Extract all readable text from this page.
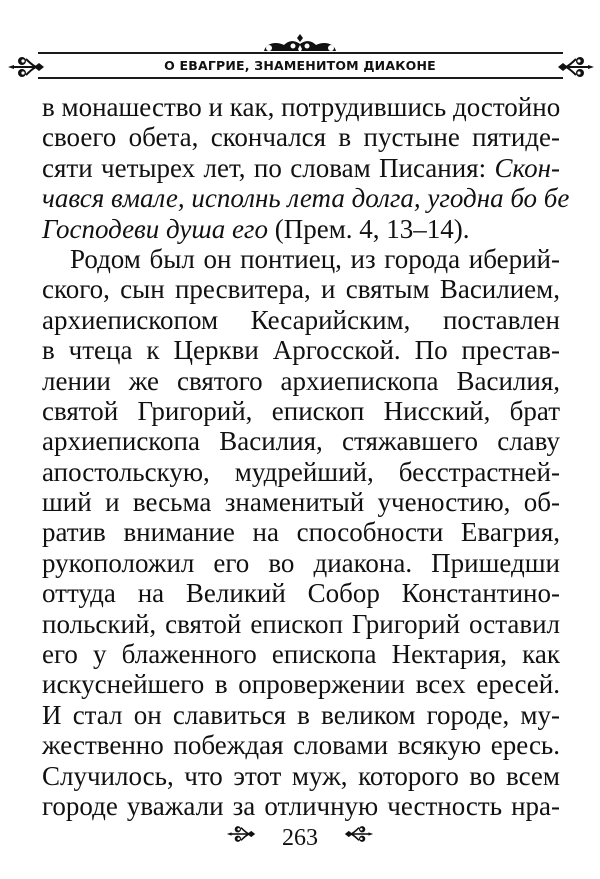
О ЕВАГРИЕ, ЗНАМЕНИТОМ ДИАКОНЕ
в монашество и как, потрудившись достойно
своего обета, скончался в пустыне пятиде-
сяти четырех лет, по словам Писания: Скон-
чався вмале, исполнь лета долга, угодна бо бе
Господеви душа его (Прем. 4, 13–14).
Родом был он понтиец, из города иберий-
ского, сын пресвитера, и святым Василием,
архиепископом Кесарийским, поставлен
в чтеца к Церкви Аргосской. По престав-
лении же святого архиепископа Василия,
святой Григорий, епископ Нисский, брат
архиепископа Василия, стяжавшего славу
апостольскую, мудрейший, бесстрастней-
ший и весьма знаменитый ученостию, об-
ратив внимание на способности Евагрия,
рукоположил его во диакона. Пришедши
оттуда на Великий Собор Константино-
польский, святой епископ Григорий оставил
его у блаженного епископа Нектария, как
искуснейшего в опровержении всех ересей.
И стал он славиться в великом городе, му-
жественно побеждая словами всякую ересь.
Случилось, что этот муж, которого во всем
городе уважали за отличную честность нра-
263
